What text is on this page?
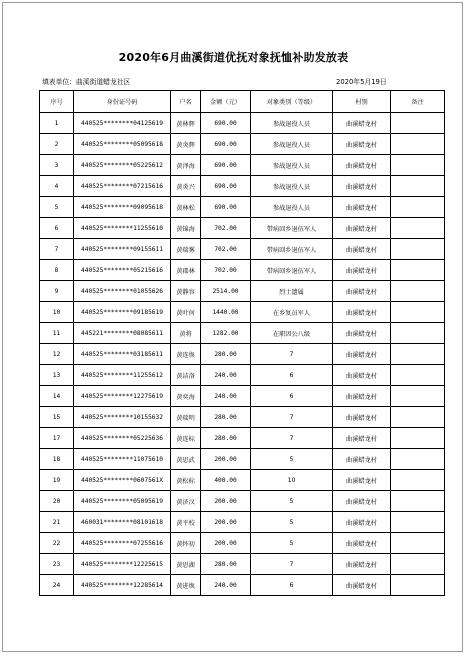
2020年6月曲溪街道优抚对象抚恤补助发放表
填表单位：曲溪街道蜡龙社区	2020年5月19日
序号	身份证号码	户名	金额（元）	对象类别（等级）	村别	备注
1	440525********04125619	黄林辉	690.00	参战退役人员	曲溪蜡龙村	
2	440525********05095618	黄炎辉	690.00	参战退役人员	曲溪蜡龙村	
3	440525********05225612	黄泽海	690.00	参战退役人员	曲溪蜡龙村	
4	440525********07215616	黄炎兴	690.00	参战退役人员	曲溪蜡龙村	
5	440525********09095618	黄林松	690.00	参战退役人员	曲溪蜡龙村	
6	440525********11255610	黄锦海	702.00	带病回乡退伍军人	曲溪蜡龙村	
7	440525********09155611	黄瑞雾	702.00	带病回乡退伍军人	曲溪蜡龙村	
8	440525********05215616	黄郡林	702.00	带病回乡退伍军人	曲溪蜡龙村	
9	440525********01055626	黄静容	2514.00	烈士遗属	曲溪蜡龙村	
10	440525********09185619	黄叶何	1440.00	在乡复员军人	曲溪蜡龙村	
11	445221********08085611	黄将	1282.00	在职因公八级	曲溪蜡龙村	
12	440525********03185611	黄连焕	280.00	7	曲溪蜡龙村	
13	440525********11255612	黄洁洛	240.00	6	曲溪蜡龙村	
14	440525********12275619	黄奕海	240.00	6	曲溪蜡龙村	
15	440525********10155632	黄瑞明	280.00	7	曲溪蜡龙村	
17	440525********05225636	黄连标	280.00	7	曲溪蜡龙村	
18	440525********11075610	黄思武	200.00	5	曲溪蜡龙村	
19	440525********0607561X	黄松标	400.00	10	曲溪蜡龙村	
20	440525********05095619	黄济汉	200.00	5	曲溪蜡龙村	
21	460031********08101618	黄平校	200.00	5	曲溪蜡龙村	
22	440525********07255616	黄怀初	200.00	5	曲溪蜡龙村	
23	440525********12225615	黄思湖	280.00	7	曲溪蜡龙村	
24	440525********12285614	黄进焕	240.00	6	曲溪蜡龙村	
